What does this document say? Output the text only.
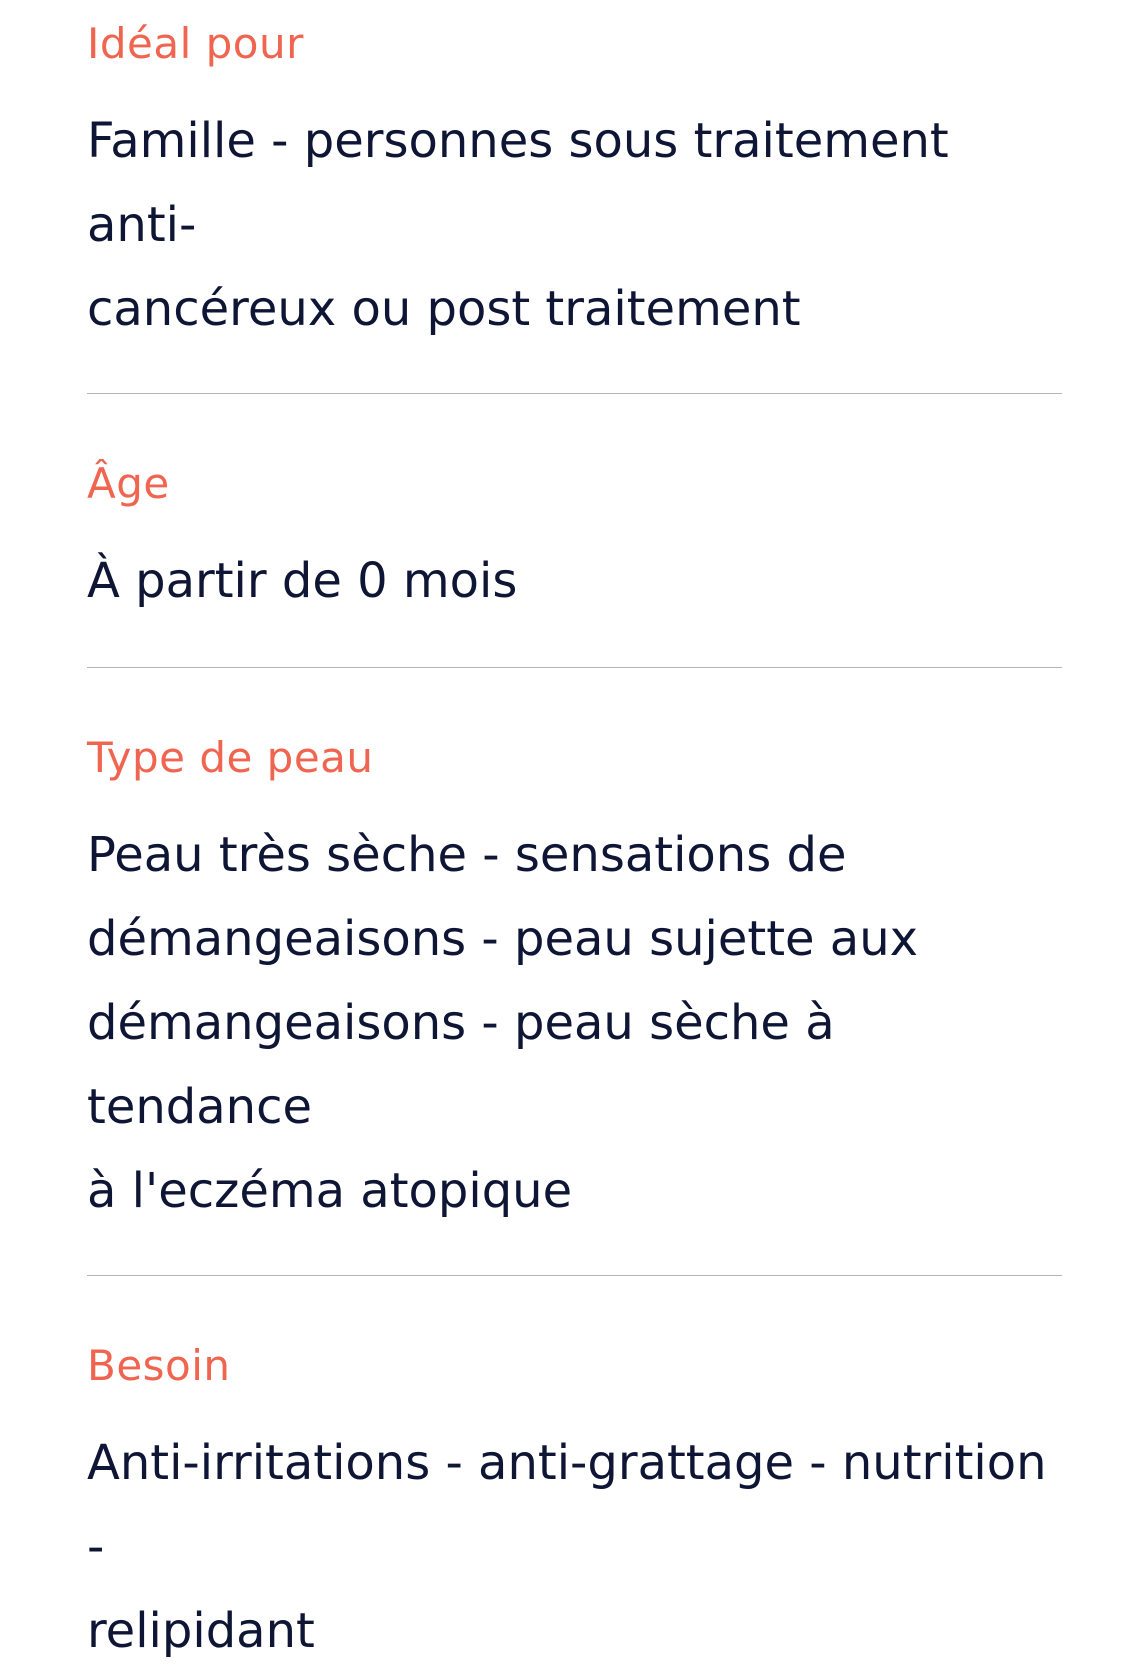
Idéal pour

Famille - personnes sous traitement anti-
cancéreux ou post traitement

Âge

À partir de 0 mois

Type de peau

Peau très sèche - sensations de
démangeaisons - peau sujette aux
démangeaisons - peau sèche à tendance
à l'eczéma atopique

Besoin

Anti-irritations - anti-grattage - nutrition -
relipidant
